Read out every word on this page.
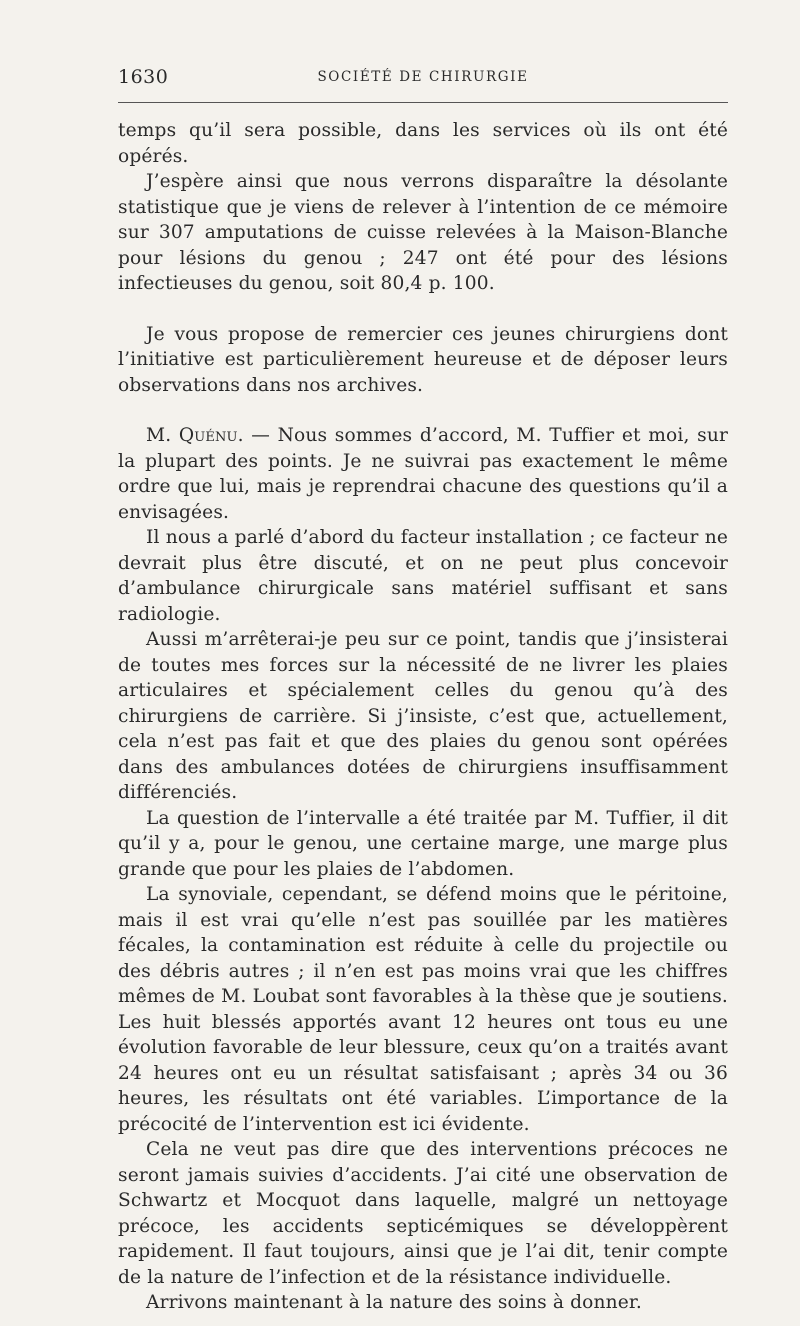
1630	SOCIÉTÉ DE CHIRURGIE

temps qu’il sera possible, dans les services où ils ont été opérés.

J’espère ainsi que nous verrons disparaître la désolante statistique que je viens de relever à l’intention de ce mémoire sur 307 amputations de cuisse relevées à la Maison-Blanche pour lésions du genou ; 247 ont été pour des lésions infectieuses du genou, soit 80,4 p. 100.

Je vous propose de remercier ces jeunes chirurgiens dont l’initiative est particulièrement heureuse et de déposer leurs observations dans nos archives.

M. Quénu. — Nous sommes d’accord, M. Tuffier et moi, sur la plupart des points. Je ne suivrai pas exactement le même ordre que lui, mais je reprendrai chacune des questions qu’il a envisagées.

Il nous a parlé d’abord du facteur installation ; ce facteur ne devrait plus être discuté, et on ne peut plus concevoir d’ambulance chirurgicale sans matériel suffisant et sans radiologie.

Aussi m’arrêterai-je peu sur ce point, tandis que j’insisterai de toutes mes forces sur la nécessité de ne livrer les plaies articulaires et spécialement celles du genou qu’à des chirurgiens de carrière. Si j’insiste, c’est que, actuellement, cela n’est pas fait et que des plaies du genou sont opérées dans des ambulances dotées de chirurgiens insuffisamment différenciés.

La question de l’intervalle a été traitée par M. Tuffier, il dit qu’il y a, pour le genou, une certaine marge, une marge plus grande que pour les plaies de l’abdomen.

La synoviale, cependant, se défend moins que le péritoine, mais il est vrai qu’elle n’est pas souillée par les matières fécales, la contamination est réduite à celle du projectile ou des débris autres ; il n’en est pas moins vrai que les chiffres mêmes de M. Loubat sont favorables à la thèse que je soutiens. Les huit blessés apportés avant 12 heures ont tous eu une évolution favorable de leur blessure, ceux qu’on a traités avant 24 heures ont eu un résultat satisfaisant ; après 34 ou 36 heures, les résultats ont été variables. L’importance de la précocité de l’intervention est ici évidente.

Cela ne veut pas dire que des interventions précoces ne seront jamais suivies d’accidents. J’ai cité une observation de Schwartz et Mocquot dans laquelle, malgré un nettoyage précoce, les accidents septicémiques se développèrent rapidement. Il faut toujours, ainsi que je l’ai dit, tenir compte de la nature de l’infection et de la résistance individuelle.

Arrivons maintenant à la nature des soins à donner.
